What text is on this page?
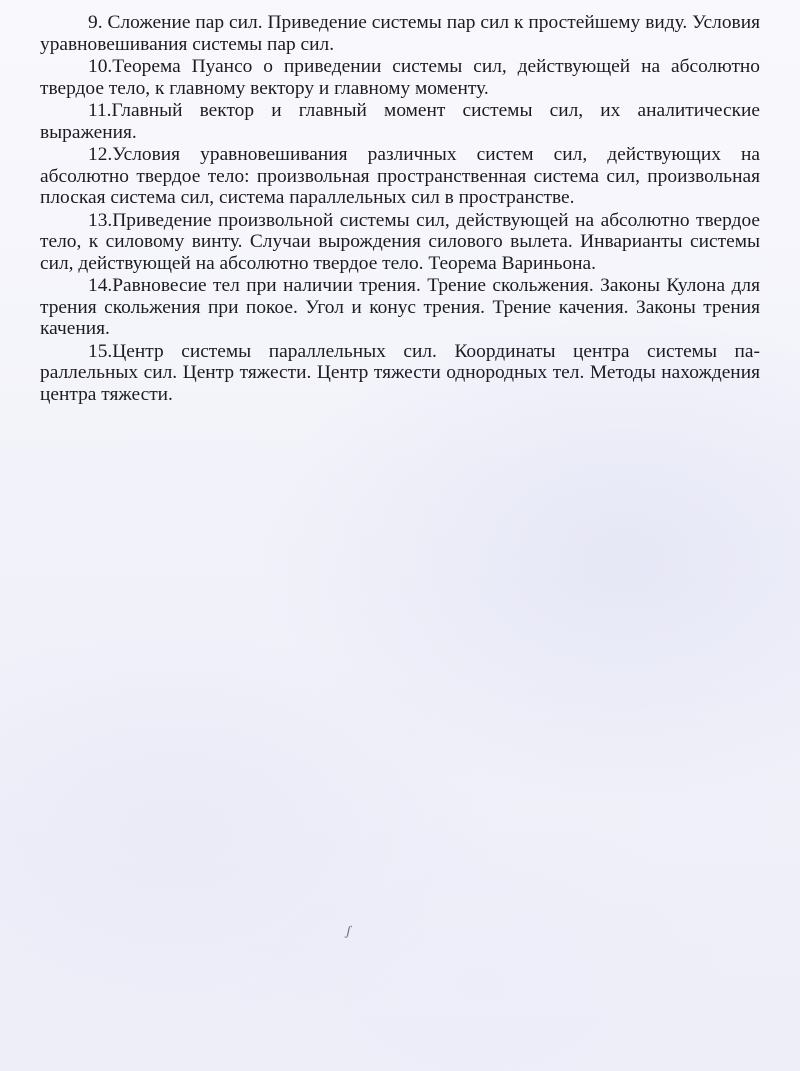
9. Сложение пар сил. Приведение системы пар сил к простейшему виду. Условия уравновешивания системы пар сил.

10.Теорема Пуансо о приведении системы сил, действующей на абсолютно твердое тело, к главному вектору и главному моменту.

11.Главный вектор и главный момент системы сил, их аналитические выражения.

12.Условия уравновешивания различных систем сил, действующих на абсолютно твердое тело: произвольная пространственная система сил, произвольная плоская система сил, система параллельных сил в пространстве.

13.Приведение произвольной системы сил, действующей на абсолютно твердое тело, к силовому винту. Случаи вырождения силового вылета. Инварианты системы сил, действующей на абсолютно твердое тело. Теорема Вариньона.

14.Равновесие тел при наличии трения. Трение скольжения. Законы Кулона для трения скольжения при покое. Угол и конус трения. Трение качения. Законы трения качения.

15.Центр системы параллельных сил. Координаты центра системы параллельных сил. Центр тяжести. Центр тяжести однородных тел. Методы нахождения центра тяжести.

ʃ
